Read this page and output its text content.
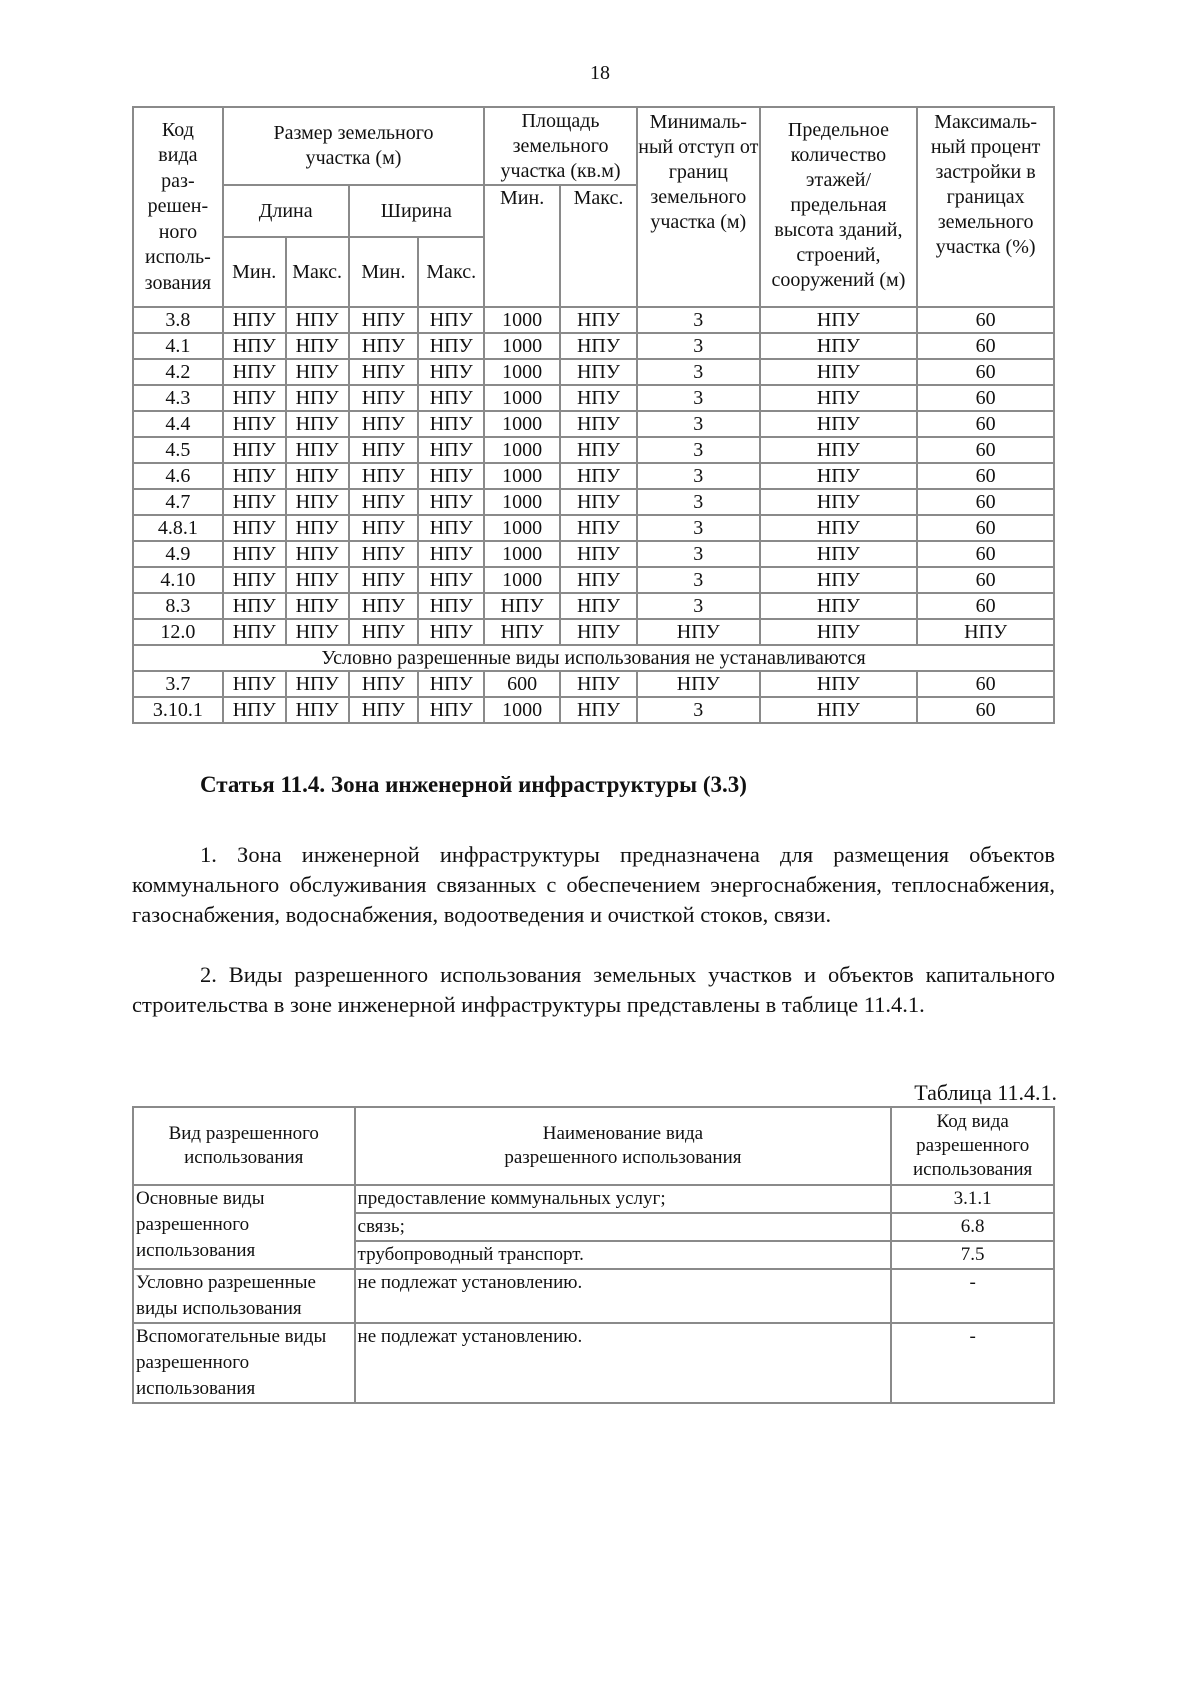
18
Код
вида
раз-
решен-
ного
исполь-
зования	Размер земельного участка (м)	Площадь земельного участка (кв.м)	Минималь-ный отступ от границ земельного участка (м)	Предельное количество этажей/ предельная высота зданий, строений, сооружений (м)	Максималь-ный процент застройки в границах земельного участка (%)
	Длина		Ширина		Мин.	Макс.			
	Мин.	Макс.	Мин.	Макс.					
3.8	НПУ	НПУ	НПУ	НПУ	1000	НПУ	3	НПУ	60
4.1	НПУ	НПУ	НПУ	НПУ	1000	НПУ	3	НПУ	60
4.2	НПУ	НПУ	НПУ	НПУ	1000	НПУ	3	НПУ	60
4.3	НПУ	НПУ	НПУ	НПУ	1000	НПУ	3	НПУ	60
4.4	НПУ	НПУ	НПУ	НПУ	1000	НПУ	3	НПУ	60
4.5	НПУ	НПУ	НПУ	НПУ	1000	НПУ	3	НПУ	60
4.6	НПУ	НПУ	НПУ	НПУ	1000	НПУ	3	НПУ	60
4.7	НПУ	НПУ	НПУ	НПУ	1000	НПУ	3	НПУ	60
4.8.1	НПУ	НПУ	НПУ	НПУ	1000	НПУ	3	НПУ	60
4.9	НПУ	НПУ	НПУ	НПУ	1000	НПУ	3	НПУ	60
4.10	НПУ	НПУ	НПУ	НПУ	1000	НПУ	3	НПУ	60
8.3	НПУ	НПУ	НПУ	НПУ	НПУ	НПУ	3	НПУ	60
12.0	НПУ	НПУ	НПУ	НПУ	НПУ	НПУ	НПУ	НПУ	НПУ
Условно разрешенные виды использования не устанавливаются									
3.7	НПУ	НПУ	НПУ	НПУ	600	НПУ	НПУ	НПУ	60
3.10.1	НПУ	НПУ	НПУ	НПУ	1000	НПУ	3	НПУ	60
Статья 11.4. Зона инженерной инфраструктуры (3.3)
1. Зона инженерной инфраструктуры предназначена для размещения объектов коммунального обслуживания связанных с обеспечением энергоснабжения, теплоснабжения, газоснабжения, водоснабжения, водоотведения и очисткой стоков, связи.
2. Виды разрешенного использования земельных участков и объектов капитального строительства в зоне инженерной инфраструктуры представлены в таблице 11.4.1.
Таблица 11.4.1.
Вид разрешенного использования	Наименование вида разрешенного использования	Код вида разрешенного использования
Основные виды разрешенного использования	предоставление коммунальных услуг;	3.1.1
	связь;	6.8
	трубопроводный транспорт.	7.5
Условно разрешенные виды использования	не подлежат установлению.	-
Вспомогательные виды разрешенного использования	не подлежат установлению.	-
